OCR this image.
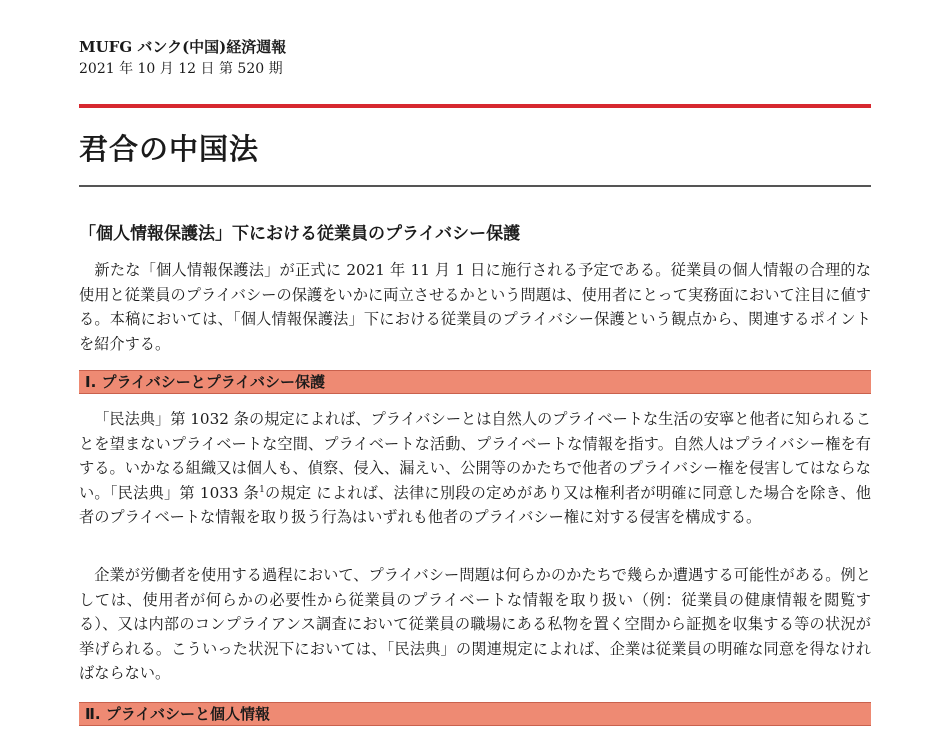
MUFG バンク(中国)経済週報
2021 年 10 月 12 日 第 520 期
君合の中国法
「個人情報保護法」下における従業員のプライバシー保護

新たな「個人情報保護法」が正式に 2021 年 11 月 1 日に施行される予定である。従業員の個人情報の合理的な使用と従業員のプライバシーの保護をいかに両立させるかという問題は、使用者にとって実務面において注目に値する。本稿においては、「個人情報保護法」下における従業員のプライバシー保護という観点から、関連するポイントを紹介する。

Ⅰ. プライバシーとプライバシー保護

「民法典」第 1032 条の規定によれば、プライバシーとは自然人のプライベートな生活の安寧と他者に知られることを望まないプライベートな空間、プライベートな活動、プライベートな情報を指す。自然人はプライバシー権を有する。いかなる組織又は個人も、偵察、侵入、漏えい、公開等のかたちで他者のプライバシー権を侵害してはならない。「民法典」第 1033 条$^1$の規定 によれば、法律に別段の定めがあり又は権利者が明確に同意した場合を除き、他者のプライベートな情報を取り扱う行為はいずれも他者のプライバシー権に対する侵害を構成する。

企業が労働者を使用する過程において、プライバシー問題は何らかのかたちで幾らか遭遇する可能性がある。例としては、使用者が何らかの必要性から従業員のプライベートな情報を取り扱い（例：従業員の健康情報を閲覧する）、又は内部のコンプライアンス調査において従業員の職場にある私物を置く空間から証拠を収集する等の状況が挙げられる。こういった状況下においては、「民法典」の関連規定によれば、企業は従業員の明確な同意を得なければならない。

Ⅱ. プライバシーと個人情報
